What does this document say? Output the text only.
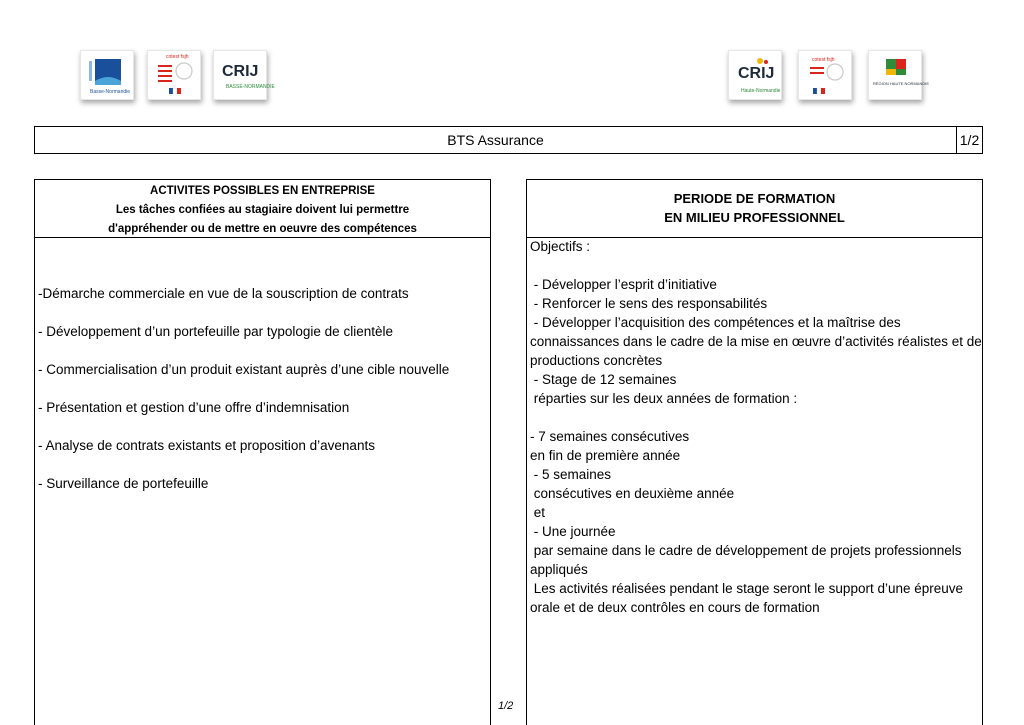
Basse-Normandie
cotest fsjh
CRIJ
BASSE-NORMANDIE
CRIJ
Haute-Normandie
cotest fsjh
RÉGION HAUTE NORMANDIE
BTS Assurance	1/2
ACTIVITES POSSIBLES EN ENTREPRISE
Les tâches confiées au stagiaire doivent lui permettre
d'appréhender ou de mettre en oeuvre des compétences
-Démarche commerciale en vue de la souscription de contrats
- Développement d’un portefeuille par typologie de clientèle
- Commercialisation d’un produit existant auprès d’une cible nouvelle
- Présentation et gestion d’une offre d’indemnisation
- Analyse de contrats existants et proposition d’avenants
- Surveillance de portefeuille
PERIODE DE FORMATION
EN MILIEU PROFESSIONNEL
Objectifs :
- Développer l’esprit d’initiative
- Renforcer le sens des responsabilités
- Développer l’acquisition des compétences et la maîtrise des
connaissances dans le cadre de la mise en œuvre d’activités réalistes et de
productions concrètes
- Stage de 12 semaines
réparties sur les deux années de formation :
- 7 semaines consécutives
en fin de première année
- 5 semaines
consécutives en deuxième année
et
- Une journée
par semaine dans le cadre de développement de projets professionnels
appliqués
Les activités réalisées pendant le stage seront le support d’une épreuve
orale et de deux contrôles en cours de formation
1/2
